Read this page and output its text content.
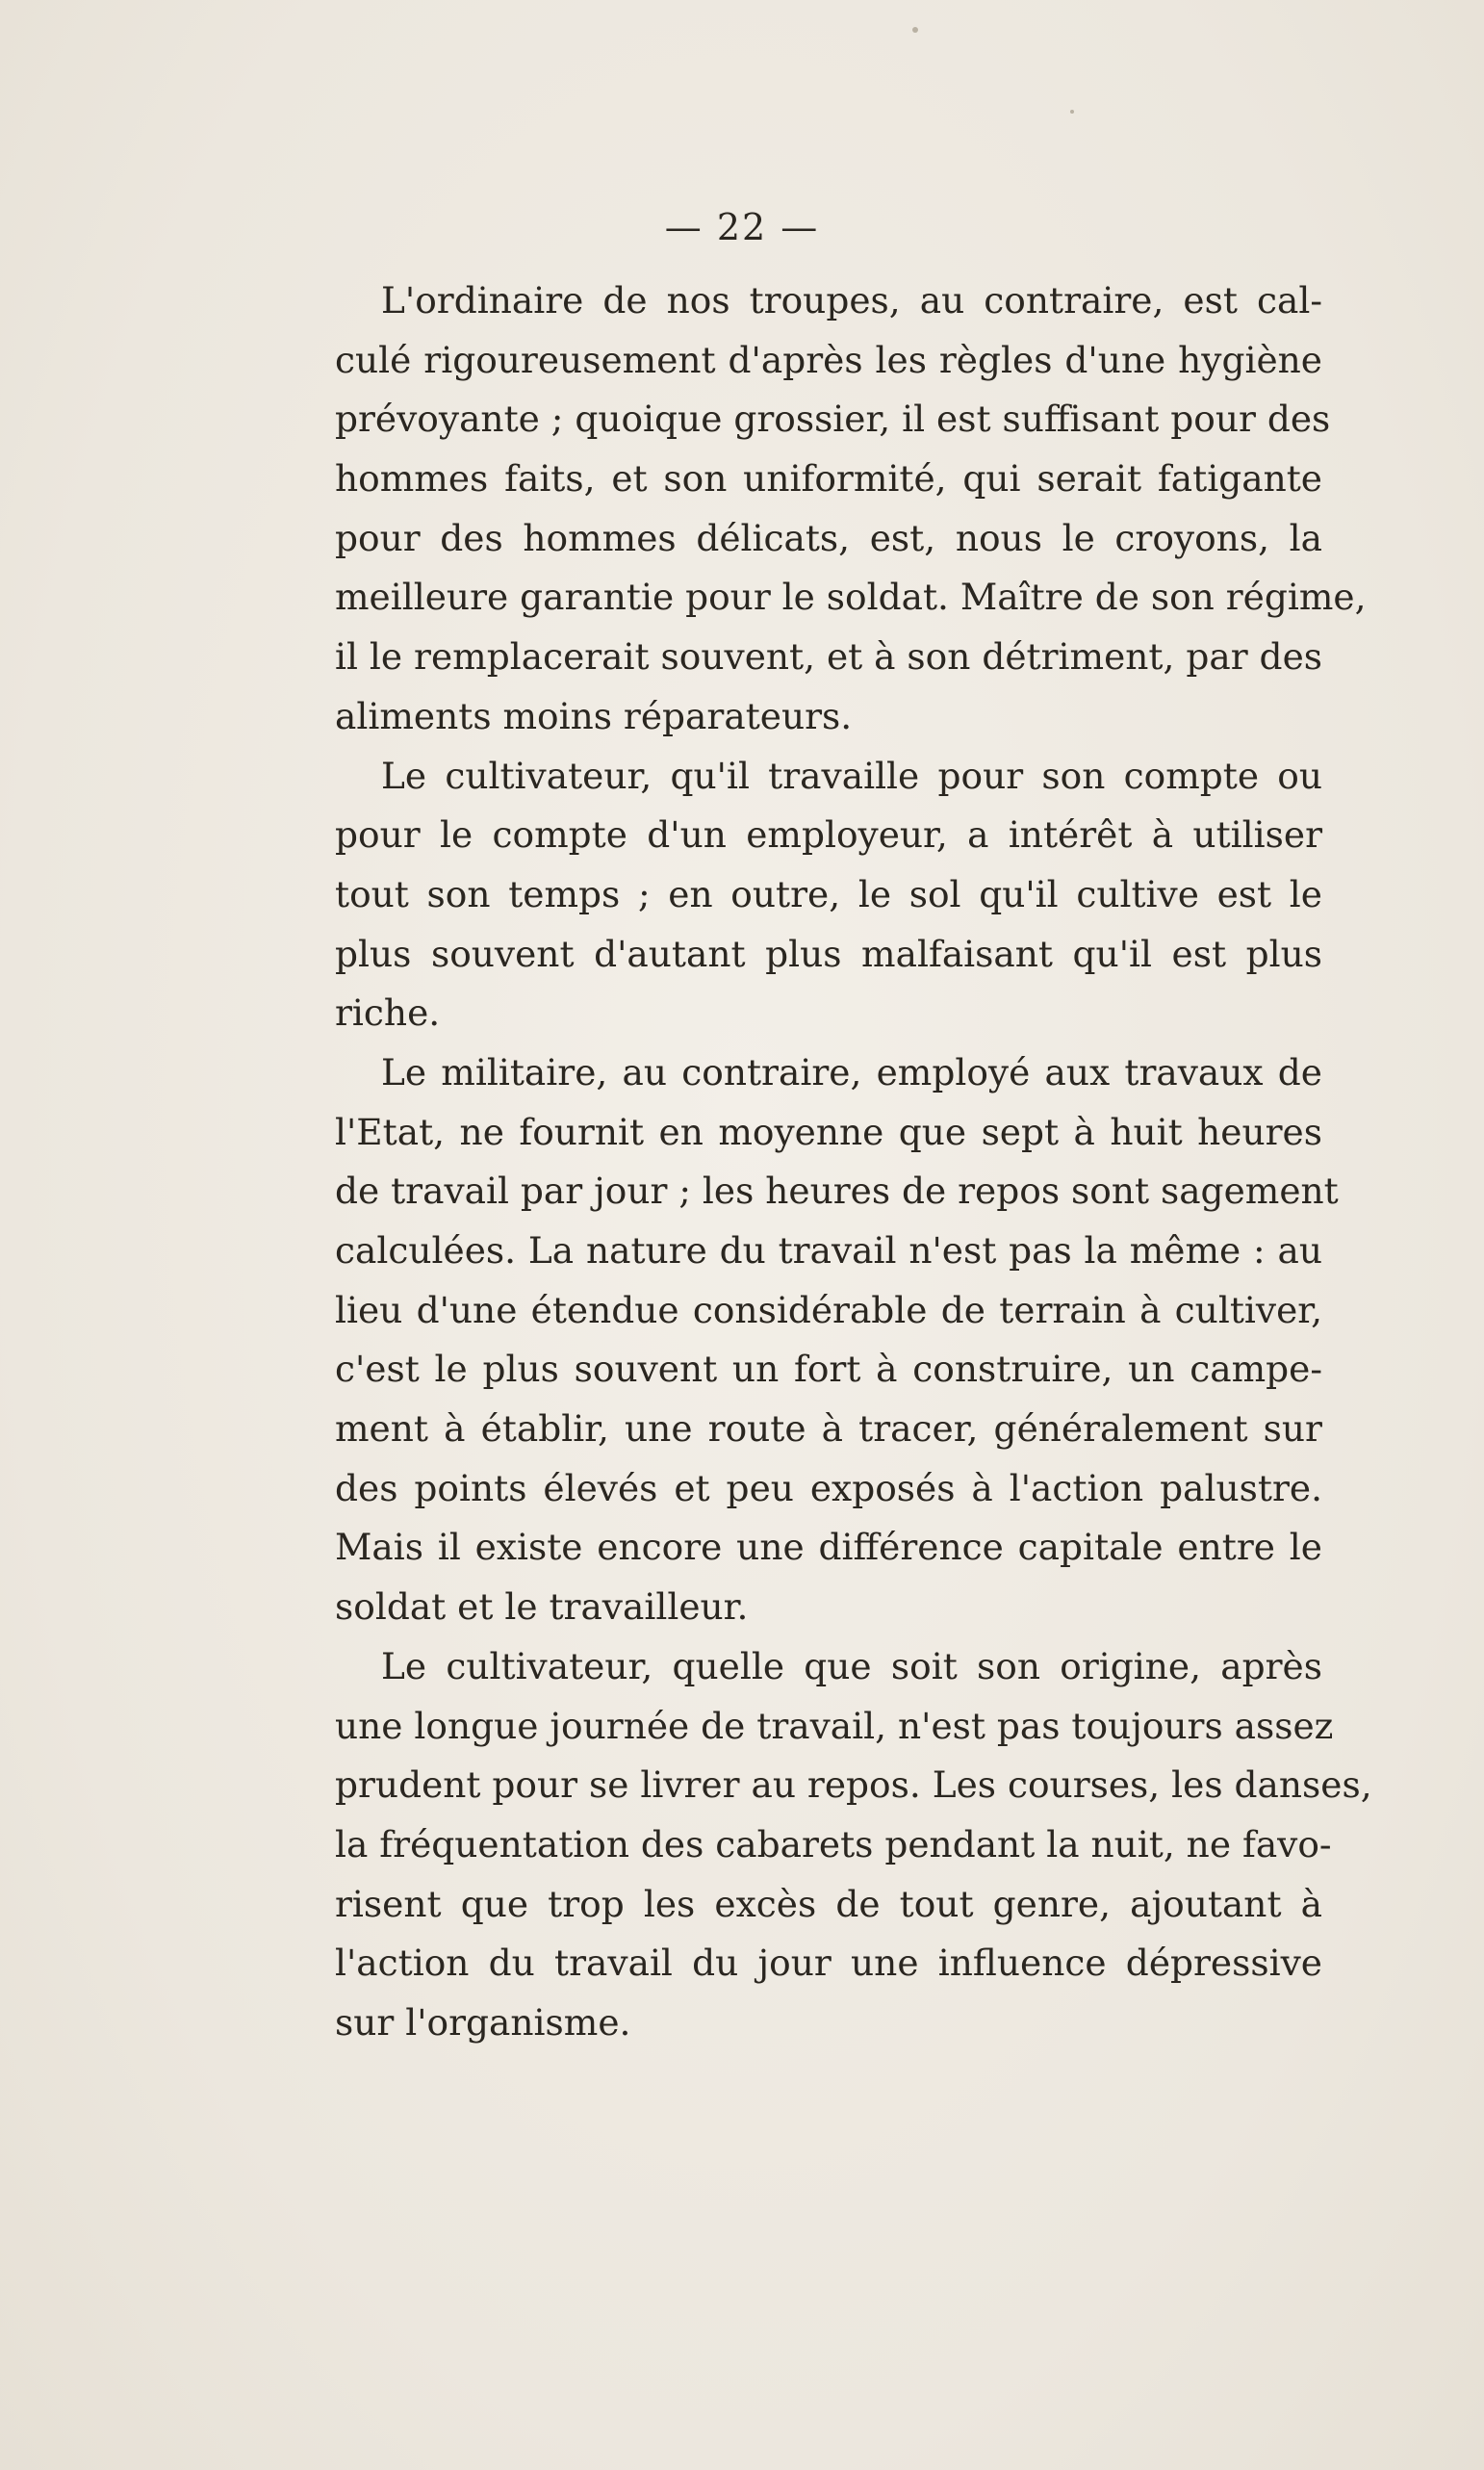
— 22 —
L'ordinaire de nos troupes, au contraire, est cal-
culé rigoureusement d'après les règles d'une hygiène
prévoyante ; quoique grossier, il est suffisant pour des
hommes faits, et son uniformité, qui serait fatigante
pour des hommes délicats, est, nous le croyons, la
meilleure garantie pour le soldat. Maître de son régime,
il le remplacerait souvent, et à son détriment, par des
aliments moins réparateurs.
Le cultivateur, qu'il travaille pour son compte ou
pour le compte d'un employeur, a intérêt à utiliser
tout son temps ; en outre, le sol qu'il cultive est le
plus souvent d'autant plus malfaisant qu'il est plus
riche.
Le militaire, au contraire, employé aux travaux de
l'Etat, ne fournit en moyenne que sept à huit heures
de travail par jour ; les heures de repos sont sagement
calculées. La nature du travail n'est pas la même : au
lieu d'une étendue considérable de terrain à cultiver,
c'est le plus souvent un fort à construire, un campe-
ment à établir, une route à tracer, généralement sur
des points élevés et peu exposés à l'action palustre.
Mais il existe encore une différence capitale entre le
soldat et le travailleur.
Le cultivateur, quelle que soit son origine, après
une longue journée de travail, n'est pas toujours assez
prudent pour se livrer au repos. Les courses, les danses,
la fréquentation des cabarets pendant la nuit, ne favo-
risent que trop les excès de tout genre, ajoutant à
l'action du travail du jour une influence dépressive
sur l'organisme.
